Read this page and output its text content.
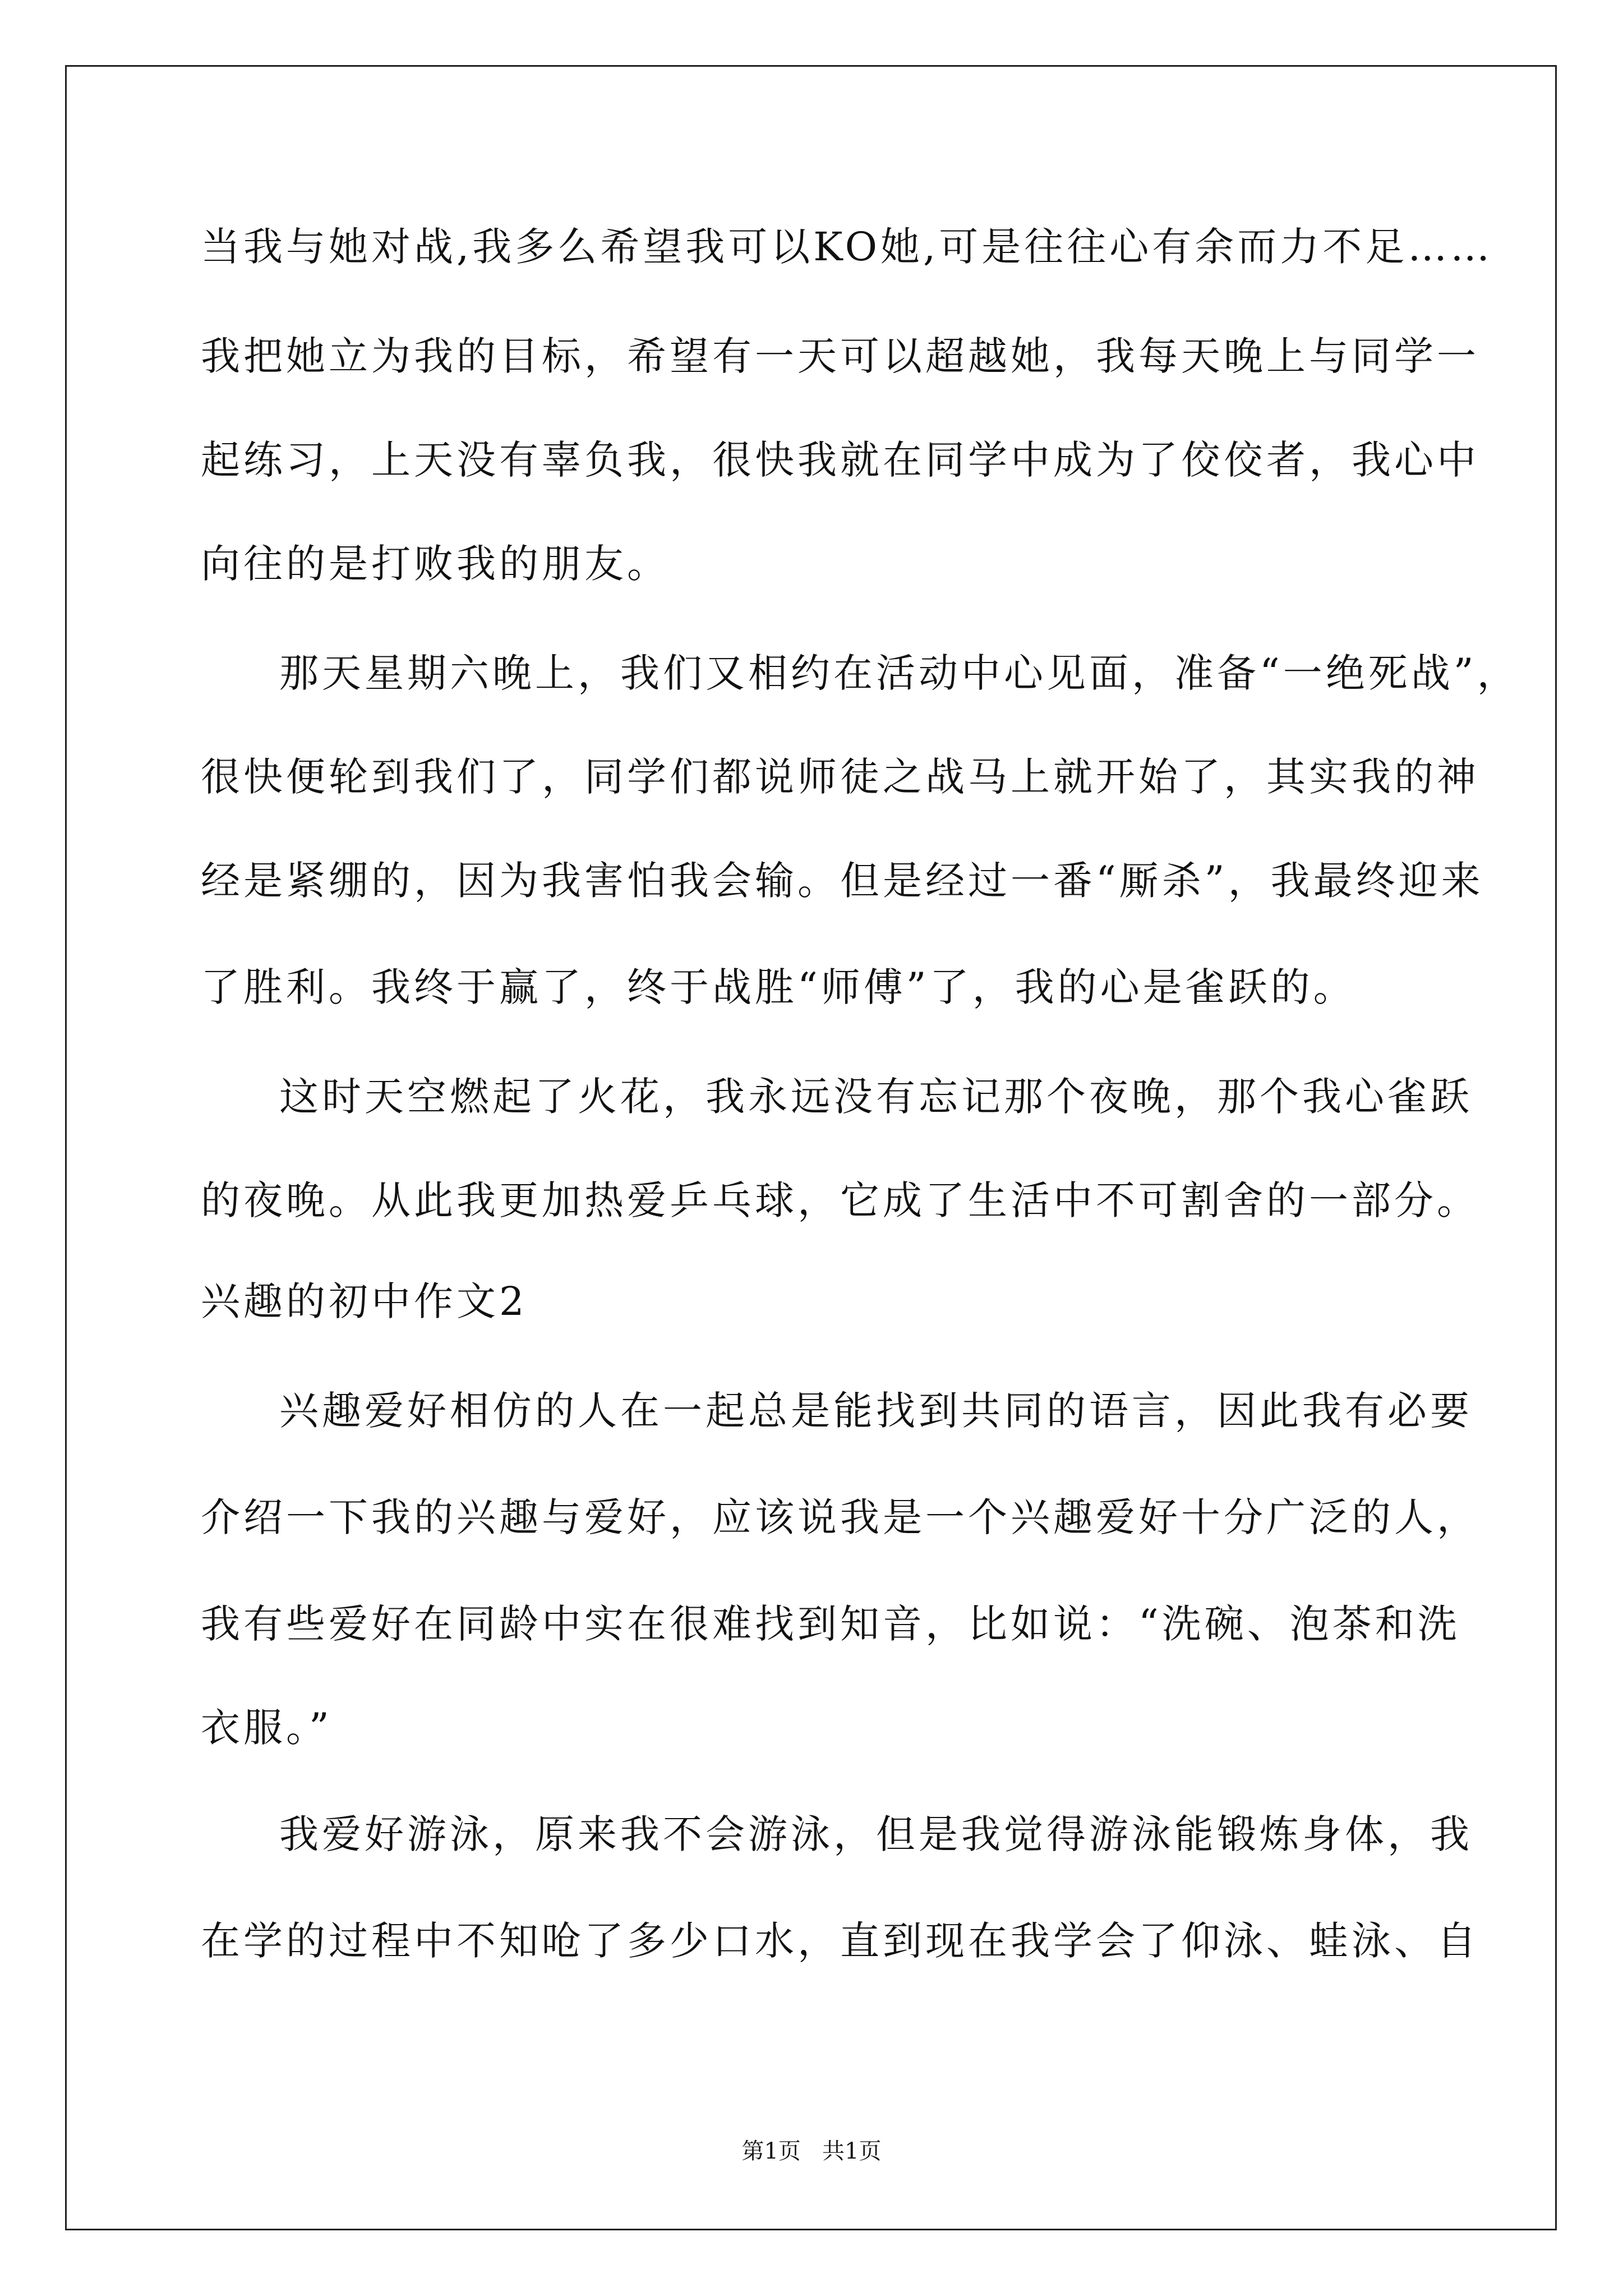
当我与她对战,我多么希望我可以KO她,可是往往心有余而力不足……
我把她立为我的目标，希望有一天可以超越她，我每天晚上与同学一
起练习，上天没有辜负我，很快我就在同学中成为了佼佼者，我心中
向往的是打败我的朋友。
那天星期六晚上，我们又相约在活动中心见面，准备“一绝死战”，
很快便轮到我们了，同学们都说师徒之战马上就开始了，其实我的神
经是紧绷的，因为我害怕我会输。但是经过一番“厮杀”，我最终迎来
了胜利。我终于赢了，终于战胜“师傅”了，我的心是雀跃的。
这时天空燃起了火花，我永远没有忘记那个夜晚，那个我心雀跃
的夜晚。从此我更加热爱乒乓球，它成了生活中不可割舍的一部分。
兴趣的初中作文2
兴趣爱好相仿的人在一起总是能找到共同的语言，因此我有必要
介绍一下我的兴趣与爱好，应该说我是一个兴趣爱好十分广泛的人，
我有些爱好在同龄中实在很难找到知音，比如说：“洗碗、泡茶和洗
衣服。”
我爱好游泳，原来我不会游泳，但是我觉得游泳能锻炼身体，我
在学的过程中不知呛了多少口水，直到现在我学会了仰泳、蛙泳、自
第1页   共1页
